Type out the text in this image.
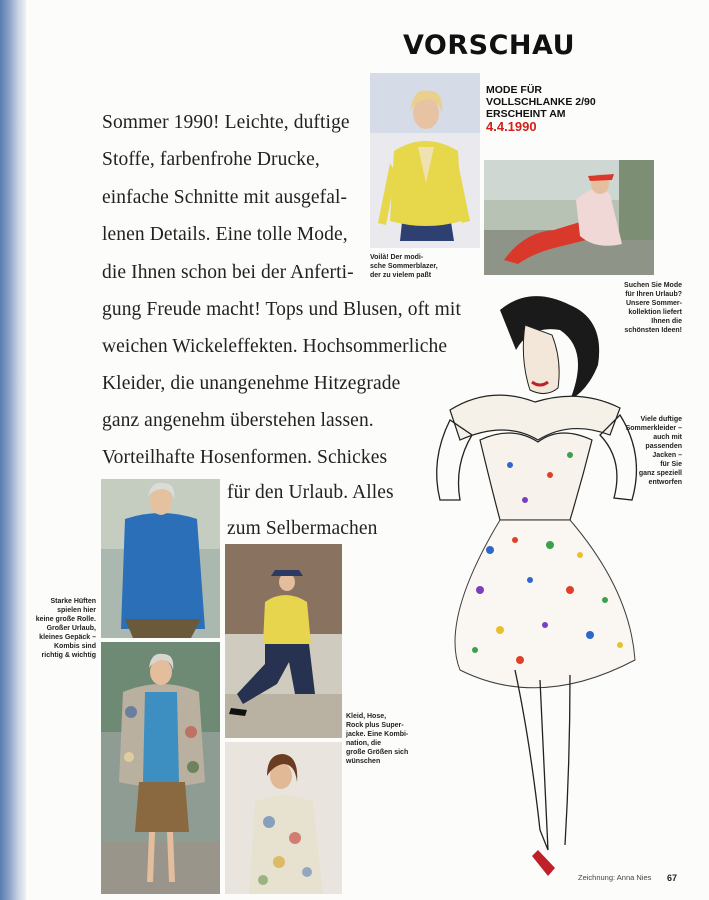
VORSCHAU
MODE FÜR
VOLLSCHLANKE 2/90
ERSCHEINT AM
4.4.1990

Sommer 1990! Leichte, duftige

Stoffe, farbenfrohe Drucke,

einfache Schnitte mit ausgefal-

lenen Details. Eine tolle Mode,

die Ihnen schon bei der Anferti-

gung Freude macht! Tops und Blusen, oft mit

weichen Wickeleffekten. Hochsommerliche

Kleider, die unangenehme Hitzegrade

ganz angenehm überstehen lassen.

Vorteilhafte Hosenformen. Schickes

für den Urlaub. Alles

zum Selbermachen

Voilà! Der modi-
sche Sommerblazer,
der zu vielem paßt
Suchen Sie Mode
für Ihren Urlaub?
Unsere Sommer-
kollektion liefert
Ihnen die
schönsten Ideen!
Viele duftige
Sommerkleider –
auch mit
passenden
Jacken –
für Sie
ganz speziell
entworfen
Starke Hüften
spielen hier
keine große Rolle.
Großer Urlaub,
kleines Gepäck –
Kombis sind
richtig & wichtig
Kleid, Hose,
Rock plus Super-
jacke. Eine Kombi-
nation, die
große Größen sich
wünschen
Zeichnung: Anna Nies 67
